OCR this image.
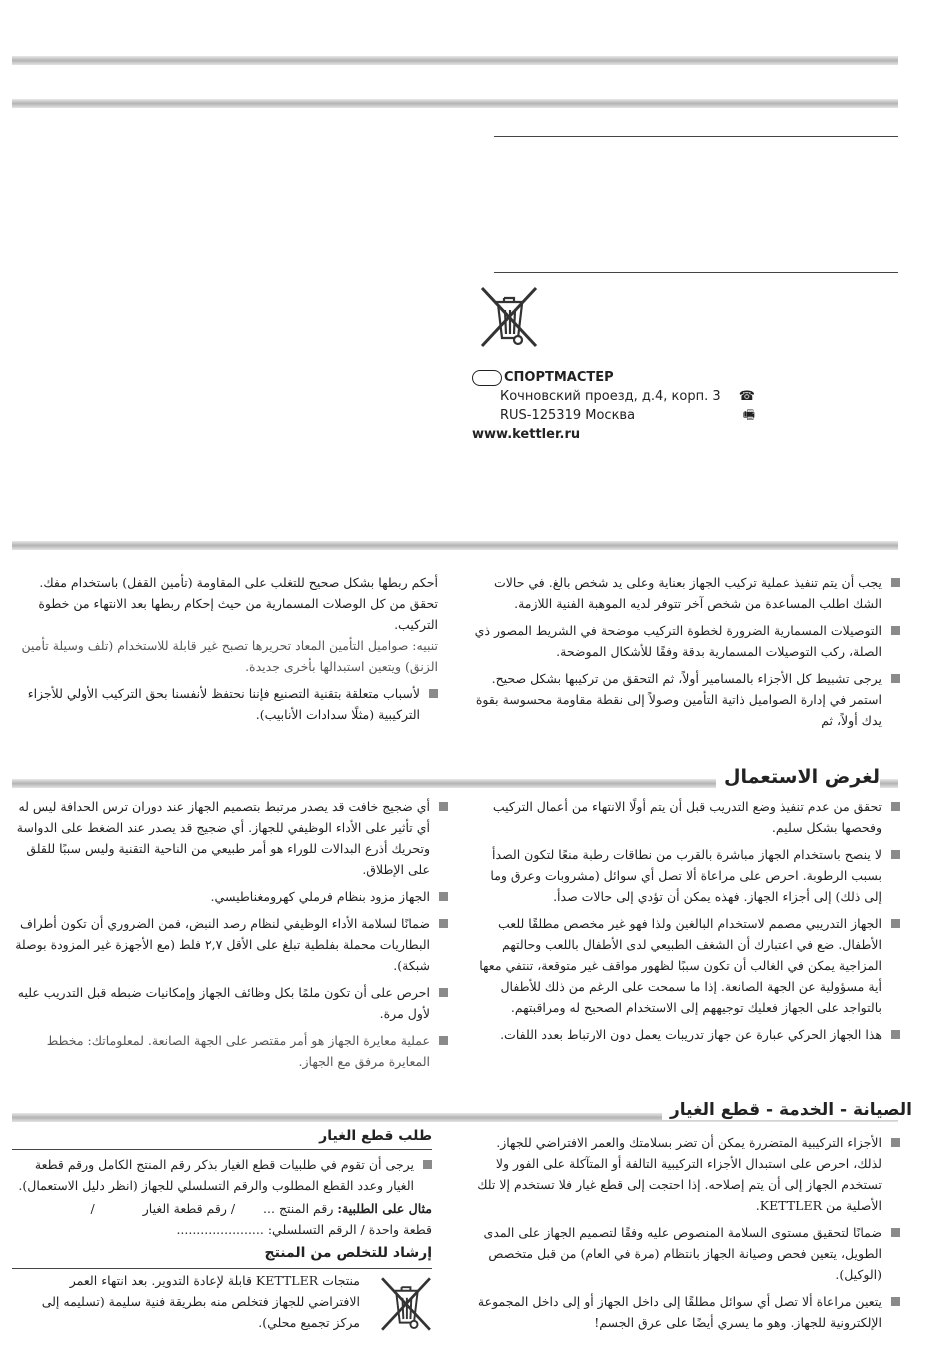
СПОРТМАСТЕР
Кочновский проезд, д.4, корп. 3 ☎
RUS-125319 Москва	🖷
www.kettler.ru

يجب أن يتم تنفيذ عملية تركيب الجهاز بعناية وعلى يد شخص بالغ. في حالات الشك اطلب المساعدة من شخص آخر تتوفر لديه الموهبة الفنية اللازمة.

التوصيلات المسمارية الضرورة لخطوة التركيب موضحة في الشريط المصور ذي الصلة، ركب التوصيلات المسمارية بدقة وفقًا للأشكال الموضحة.

يرجى تشبيط كل الأجزاء بالمسامير أولاً، ثم التحقق من تركيبها بشكل صحيح. استمر في إدارة الصواميل ذاتية التأمين وصولاً إلى نقطة مقاومة محسوسة بقوة يدك أولاً، ثم

أحكم ربطها بشكل صحيح للتغلب على المقاومة (تأمين القفل) باستخدام مفك. تحقق من كل الوصلات المسمارية من حيث إحكام ربطها بعد الانتهاء من خطوة التركيب.

تنبيه: صواميل التأمين المعاد تحريرها تصبح غير قابلة للاستخدام (تلف وسيلة تأمين الزنق) ويتعين استبدالها بأخرى جديدة.

لأسباب متعلقة بتقنية التصنيع فإننا نحتفظ لأنفسنا بحق التركيب الأولي للأجزاء التركيبية (مثلًا سدادات الأنابيب).

لغرض الاستعمال

تحقق من عدم تنفيذ وضع التدريب قبل أن يتم أولًا الانتهاء من أعمال التركيب وفحصها بشكل سليم.

لا ينصح باستخدام الجهاز مباشرة بالقرب من نطاقات رطبة منعًا لتكون الصدأ بسبب الرطوبة. احرص على مراعاة ألا تصل أي سوائل (مشروبات وعرق وما إلى ذلك) إلى أجزاء الجهاز. فهذه يمكن أن تؤدي إلى حالات صدأ.

الجهاز التدريبي مصمم لاستخدام البالغين ولذا فهو غير مخصص مطلقًا للعب الأطفال. ضع في اعتبارك أن الشغف الطبيعي لدى الأطفال باللعب وحالتهم المزاجية يمكن في الغالب أن تكون سببًا لظهور مواقف غير متوقعة، تنتفي معها أية مسؤولية عن الجهة الصانعة. إذا ما سمحت على الرغم من ذلك للأطفال بالتواجد على الجهاز فعليك توجيههم إلى الاستخدام الصحيح له ومراقبتهم.

هذا الجهاز الحركي عبارة عن جهاز تدريبات يعمل دون الارتباط بعدد اللفات.

أي ضجيج خافت قد يصدر مرتبط بتصميم الجهاز عند دوران ترس الحدافة ليس له أي تأثير على الأداء الوظيفي للجهاز. أي ضجيج قد يصدر عند الضغط على الدواسة وتحريك أذرع البدالات للوراء هو أمر طبيعي من الناحية التقنية وليس سببًا للقلق على الإطلاق.

الجهاز مزود بنظام فرملي كهرومغناطيسي.

ضمانًا لسلامة الأداء الوظيفي لنظام رصد النبض، فمن الضروري أن تكون أطراف البطاريات محملة بفلطية تبلغ على الأقل ٢,٧ فلط (مع الأجهزة غير المزودة بوصلة شبكة).

احرص على أن تكون ملمًا بكل وظائف الجهاز وإمكانيات ضبطه قبل التدريب عليه لأول مرة.

عملية معايرة الجهاز هو أمر مقتصر على الجهة الصانعة. لمعلوماتك: مخطط المعايرة مرفق مع الجهاز.

الصيانة - الخدمة - قطع الغيار

الأجزاء التركيبية المتضررة يمكن أن تضر بسلامتك والعمر الافتراضي للجهاز. لذلك، احرص على استبدال الأجزاء التركيبية التالفة أو المتآكلة على الفور ولا تستخدم الجهاز إلى أن يتم إصلاحه. إذا احتجت إلى قطع غيار فلا تستخدم إلا تلك الأصلية من KETTLER.

ضمانًا لتحقيق مستوى السلامة المنصوص عليه وفقًا لتصميم الجهاز على المدى الطويل، يتعين فحص وصيانة الجهاز بانتظام (مرة في العام) من قبل متخصص (الوكيل).

يتعين مراعاة ألا تصل أي سوائل مطلقًا إلى داخل الجهاز أو إلى داخل المجموعة الإلكترونية للجهاز. وهو ما يسري أيضًا على عرق الجسم!

طلب قطع الغيار

يرجى أن تقوم في طلبيات قطع الغيار بذكر رقم المنتج الكامل ورقم قطعة الغيار وعدد القطع المطلوب والرقم التسلسلي للجهاز (انظر دليل الاستعمال).

مثال على الطلبية: رقم المنتج ...  / رقم قطعة الغيار  /
قطعة واحدة / الرقم التسلسلي: ......................
إرشاد للتخلص من المنتج

منتجات KETTLER قابلة لإعادة التدوير. بعد انتهاء العمر الافتراضي للجهاز فتخلص منه بطريقة فنية سليمة (تسليمه إلى مركز تجميع محلي).
